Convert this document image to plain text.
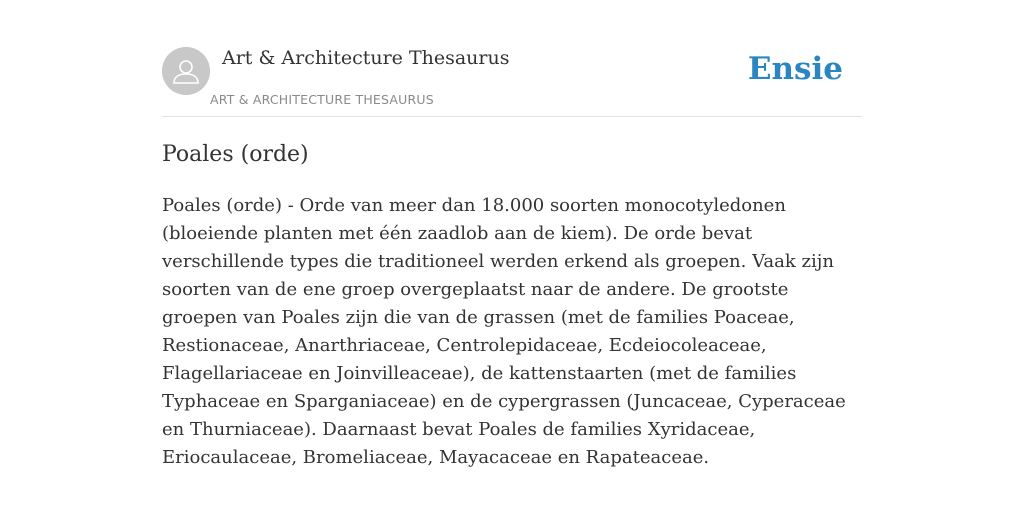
Art & Architecture Thesaurus
ART & ARCHITECTURE THESAURUS
Ensie
Poales (orde)

Poales (orde) - Orde van meer dan 18.000 soorten monocotyledonen (bloeiende planten met één zaadlob aan de kiem). De orde bevat verschillende types die traditioneel werden erkend als groepen. Vaak zijn soorten van de ene groep overgeplaatst naar de andere. De grootste groepen van Poales zijn die van de grassen (met de families Poaceae, Restionaceae, Anarthriaceae, Centrolepidaceae, Ecdeiocoleaceae, Flagellariaceae en Joinvilleaceae), de kattenstaarten (met de families Typhaceae en Sparganiaceae) en de cypergrassen (Juncaceae, Cyperaceae en Thurniaceae). Daarnaast bevat Poales de families Xyridaceae, Eriocaulaceae, Bromeliaceae, Mayacaceae en Rapateaceae.
